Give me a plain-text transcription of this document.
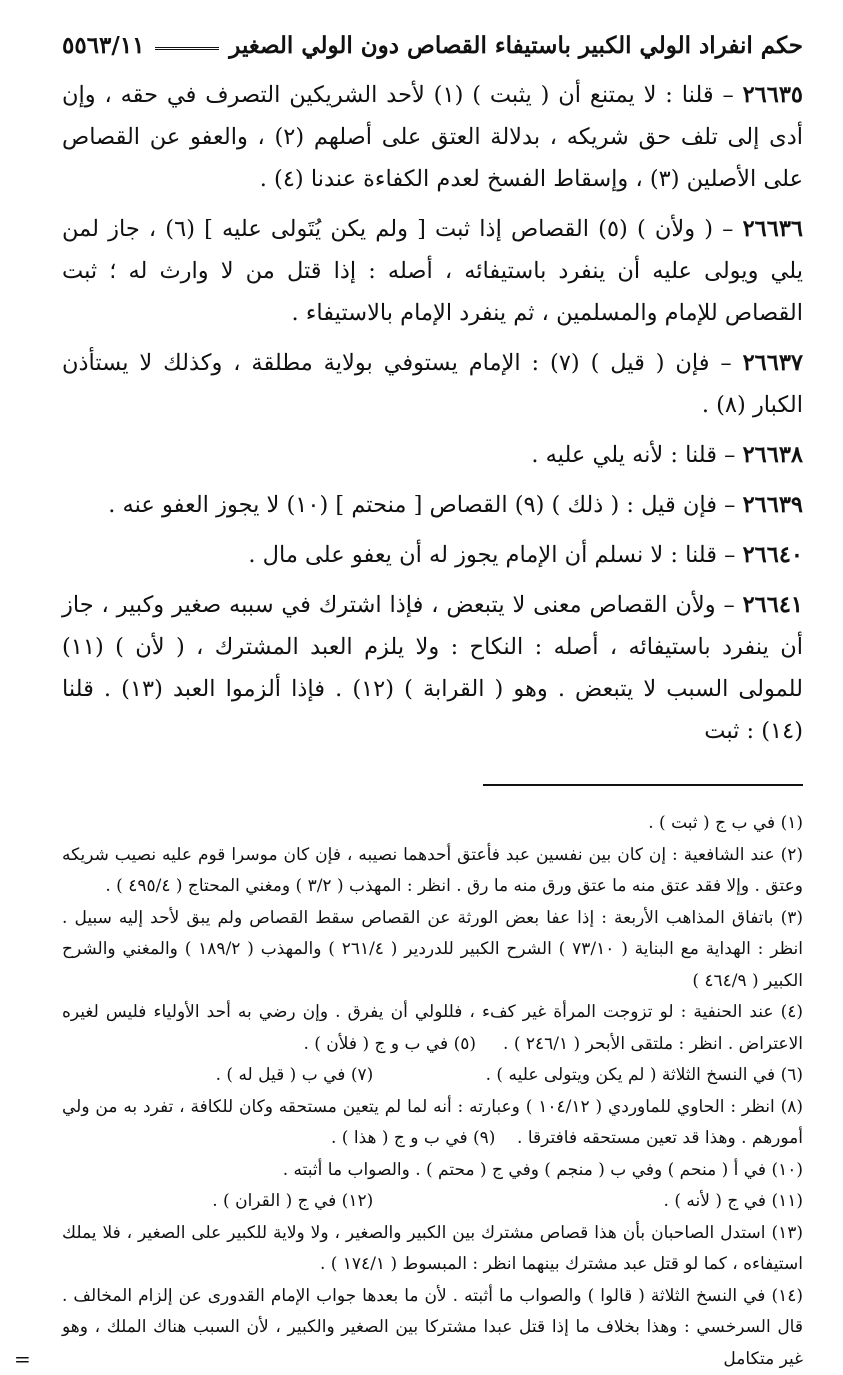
حكم انفراد الولي الكبير باستيفاء القصاص دون الولي الصغير
٥٥٦٣/١١

٢٦٦٣٥ – قلنا : لا يمتنع أن ( يثبت ) (١) لأحد الشريكين التصرف في حقه ، وإن أدى إلى تلف حق شريكه ، بدلالة العتق على أصلهم (٢) ، والعفو عن القصاص على الأصلين (٣) ، وإسقاط الفسخ لعدم الكفاءة عندنا (٤) .

٢٦٦٣٦ – ( ولأن ) (٥) القصاص إذا ثبت [ ولم يكن يُتَولى عليه ] (٦) ، جاز لمن يلي ويولى عليه أن ينفرد باستيفائه ، أصله : إذا قتل من لا وارث له ؛ ثبت القصاص للإمام والمسلمين ، ثم ينفرد الإمام بالاستيفاء .

٢٦٦٣٧ – فإن ( قيل ) (٧) : الإمام يستوفي بولاية مطلقة ، وكذلك لا يستأذن الكبار (٨) .

٢٦٦٣٨ – قلنا : لأنه يلي عليه .

٢٦٦٣٩ – فإن قيل : ( ذلك ) (٩) القصاص [ منحتم ] (١٠) لا يجوز العفو عنه .

٢٦٦٤٠ – قلنا : لا نسلم أن الإمام يجوز له أن يعفو على مال .

٢٦٦٤١ – ولأن القصاص معنى لا يتبعض ، فإذا اشترك في سببه صغير وكبير ، جاز أن ينفرد باستيفائه ، أصله : النكاح : ولا يلزم العبد المشترك ، ( لأن ) (١١) للمولى السبب لا يتبعض . وهو ( القرابة ) (١٢) . فإذا ألزموا العبد (١٣) . قلنا (١٤) : ثبت

(١) في ب ج ( ثبت ) .

(٢) عند الشافعية : إن كان بين نفسين عبد فأعتق أحدهما نصيبه ، فإن كان موسرا قوم عليه نصيب شريكه وعتق . وإلا فقد عتق منه ما عتق ورق منه ما رق . انظر : المهذب ( ٣/٢ ) ومغني المحتاج ( ٤٩٥/٤ ) .

(٣) باتفاق المذاهب الأربعة : إذا عفا بعض الورثة عن القصاص سقط القصاص ولم يبق لأحد إليه سبيل . انظر : الهداية مع البناية ( ٧٣/١٠ ) الشرح الكبير للدردير ( ٢٦١/٤ ) والمهذب ( ١٨٩/٢ ) والمغني والشرح الكبير ( ٤٦٤/٩ )

(٤) عند الحنفية : لو تزوجت المرأة غير كفء ، فللولي أن يفرق . وإن رضي به أحد الأولياء فليس لغيره الاعتراض . انظر : ملتقى الأبحر ( ٢٤٦/١ ) .     (٥) في ب و ج ( فلأن ) .

(٦) في النسخ الثلاثة ( لم يكن ويتولى عليه ) .
(٧) في ب ( قيل له ) .

(٨) انظر : الحاوي للماوردي ( ١٠٤/١٢ ) وعبارته : أنه لما لم يتعين مستحقه وكان للكافة ، تفرد به من ولي أمورهم . وهذا قد تعين مستحقه فافترقا .    (٩) في ب و ج ( هذا ) .

(١٠) في أ ( منحم ) وفي ب ( منجم ) وفي ج ( محتم ) . والصواب ما أثبته .

(١١) في ج ( لأنه ) .
(١٢) في ج ( القران ) .

(١٣) استدل الصاحبان بأن هذا قصاص مشترك بين الكبير والصغير ، ولا ولاية للكبير على الصغير ، فلا يملك استيفاءه ، كما لو قتل عبد مشترك بينهما انظر : المبسوط ( ١٧٤/١ ) .

(١٤) في النسخ الثلاثة ( قالوا ) والصواب ما أثبته . لأن ما بعدها جواب الإمام القدورى عن إلزام المخالف . قال السرخسي : وهذا بخلاف ما إذا قتل عبدا مشتركا بين الصغير والكبير ، لأن السبب هناك الملك ، وهو غير متكامل
=
